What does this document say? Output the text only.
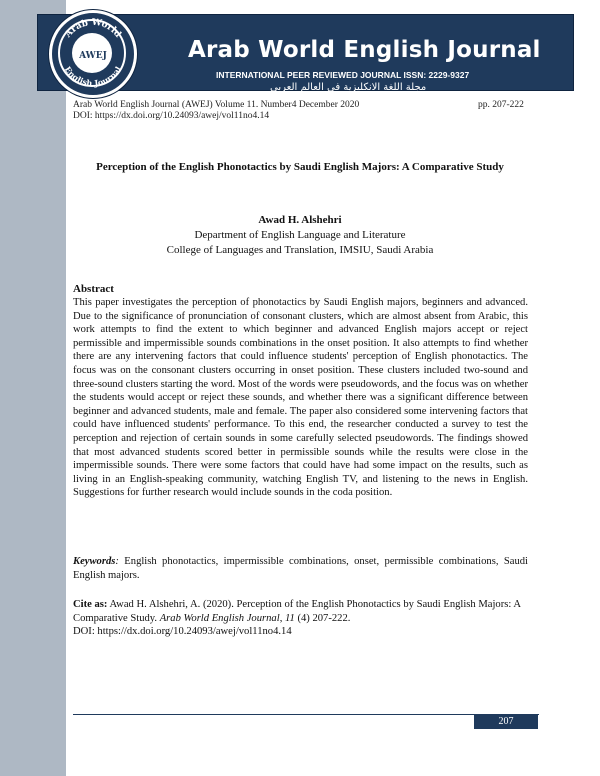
Arab World English Journal
INTERNATIONAL PEER REVIEWED JOURNAL ISSN: 2229-9327
مجلة اللغة الانكليزية في العالم العربي
Arab World
English Journal
AWEJ
Arab World English Journal (AWEJ) Volume 11. Number4 December 2020	pp. 207-222
DOI: https://dx.doi.org/10.24093/awej/vol11no4.14
Perception of the English Phonotactics by Saudi English Majors: A Comparative Study
Awad H. Alshehri
Department of English Language and Literature
College of Languages and Translation, IMSIU, Saudi Arabia
Abstract

This paper investigates the perception of phonotactics by Saudi English majors, beginners and advanced. Due to the significance of pronunciation of consonant clusters, which are almost absent from Arabic, this work attempts to find the extent to which beginner and advanced English majors accept or reject permissible and impermissible sounds combinations in the onset position. It also attempts to find whether there are any intervening factors that could influence students' perception of English phonotactics. The focus was on the consonant clusters occurring in onset position. These clusters included two-sound and three-sound clusters starting the word. Most of the words were pseudowords, and the focus was on whether the students would accept or reject these sounds, and whether there was a significant difference between beginner and advanced students, male and female. The paper also considered some intervening factors that could have influenced students' performance. To this end, the researcher conducted a survey to test the perception and rejection of certain sounds in some carefully selected pseudowords. The findings showed that most advanced students scored better in permissible sounds while the results were close in the impermissible sounds. There were some factors that could have had some impact on the results, such as living in an English-speaking community, watching English TV, and listening to the news in English. Suggestions for further research would include sounds in the coda position.

Keywords: English phonotactics, impermissible combinations, onset, permissible combinations, Saudi English majors.

Cite as: Awad H. Alshehri, A. (2020). Perception of the English Phonotactics by Saudi English Majors: A Comparative Study. Arab World English Journal, 11 (4) 207-222.
DOI: https://dx.doi.org/10.24093/awej/vol11no4.14

207
